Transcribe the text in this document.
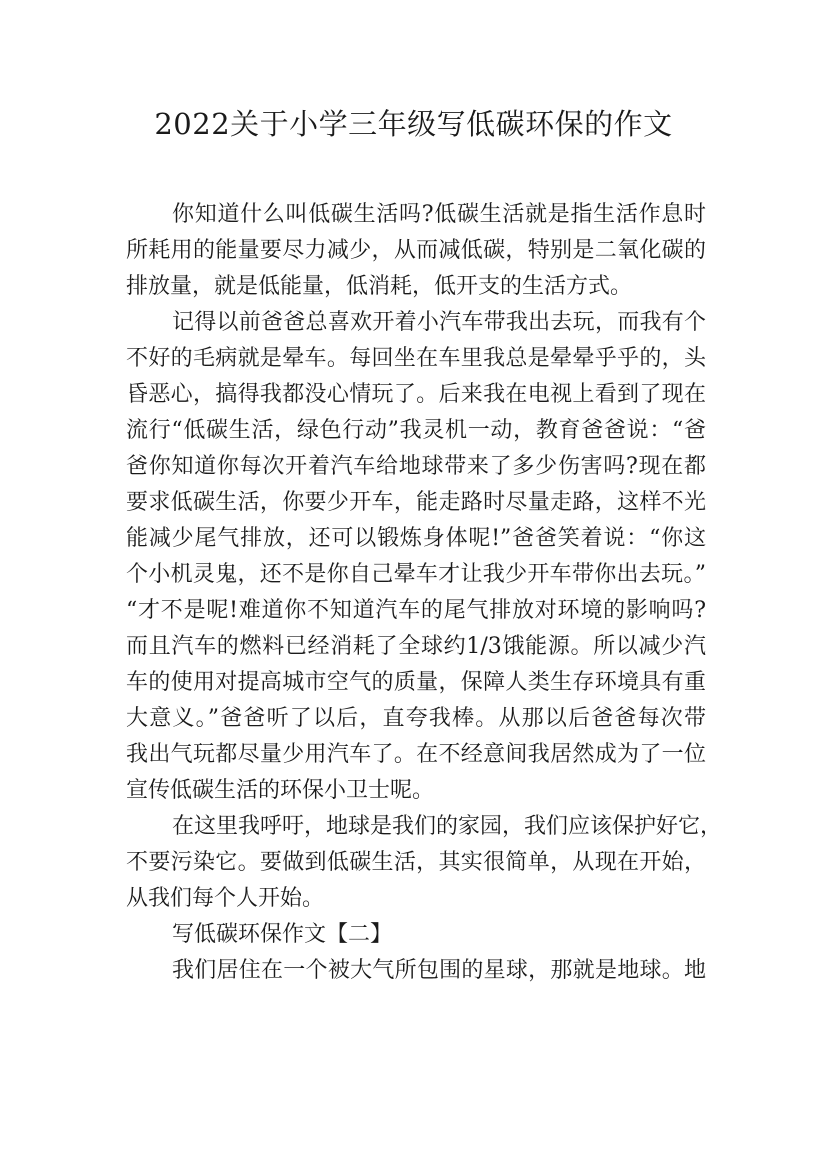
2022关于小学三年级写低碳环保的作文

你知道什么叫低碳生活吗?低碳生活就是指生活作息时

所耗用的能量要尽力减少，从而减低碳，特别是二氧化碳的

排放量，就是低能量，低消耗，低开支的生活方式。

记得以前爸爸总喜欢开着小汽车带我出去玩，而我有个

不好的毛病就是晕车。每回坐在车里我总是晕晕乎乎的，头

昏恶心，搞得我都没心情玩了。后来我在电视上看到了现在

流行“低碳生活，绿色行动”我灵机一动，教育爸爸说：“爸

爸你知道你每次开着汽车给地球带来了多少伤害吗?现在都

要求低碳生活，你要少开车，能走路时尽量走路，这样不光

能减少尾气排放，还可以锻炼身体呢!”爸爸笑着说：“你这

个小机灵鬼，还不是你自己晕车才让我少开车带你出去玩。”

“才不是呢!难道你不知道汽车的尾气排放对环境的影响吗?

而且汽车的燃料已经消耗了全球约1/3饿能源。所以减少汽

车的使用对提高城市空气的质量，保障人类生存环境具有重

大意义。”爸爸听了以后，直夸我棒。从那以后爸爸每次带

我出气玩都尽量少用汽车了。在不经意间我居然成为了一位

宣传低碳生活的环保小卫士呢。

在这里我呼吁，地球是我们的家园，我们应该保护好它，

不要污染它。要做到低碳生活，其实很简单，从现在开始，

从我们每个人开始。

写低碳环保作文【二】

我们居住在一个被大气所包围的星球，那就是地球。地
